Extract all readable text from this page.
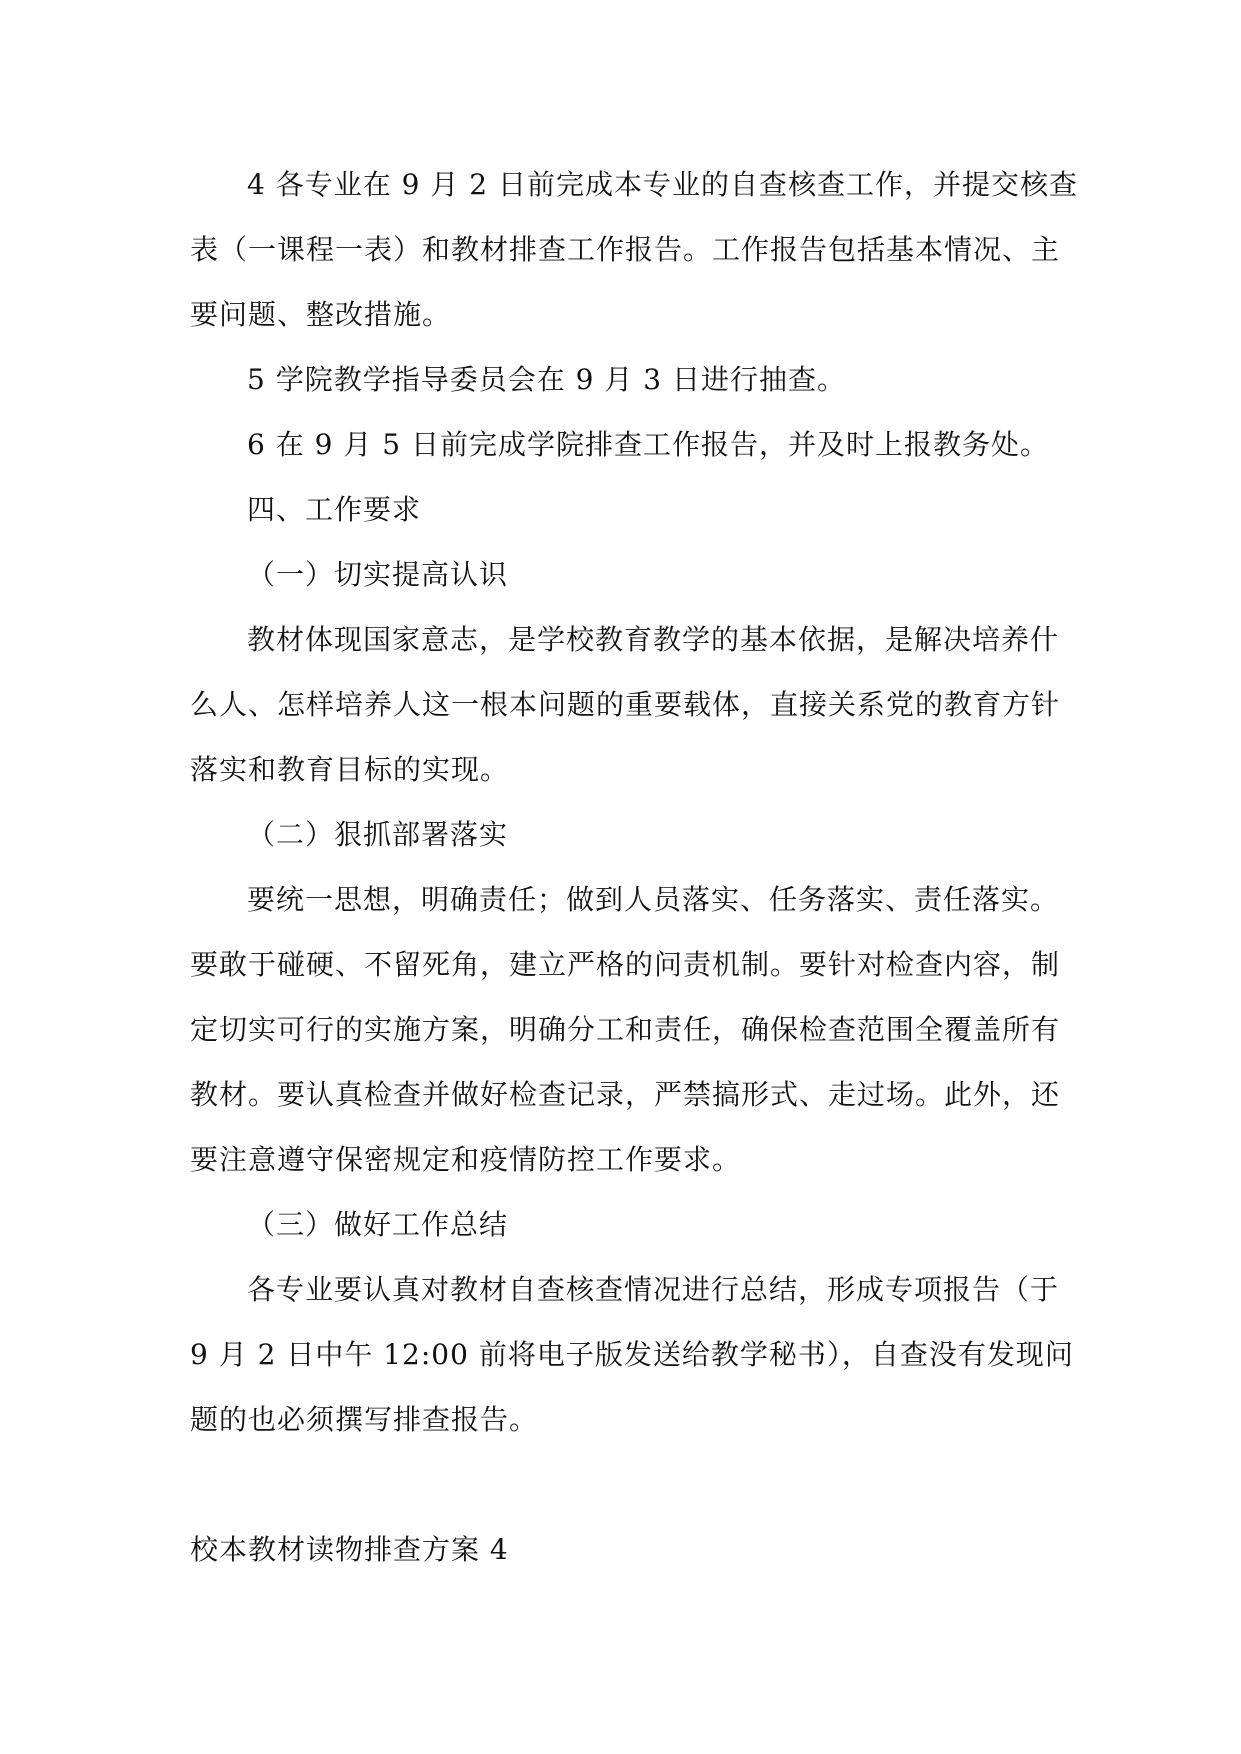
4 各专业在 9 月 2 日前完成本专业的自查核查工作，并提交核查
表（一课程一表）和教材排查工作报告。工作报告包括基本情况、主
要问题、整改措施。
5 学院教学指导委员会在 9 月 3 日进行抽查。
6 在 9 月 5 日前完成学院排查工作报告，并及时上报教务处。
四、工作要求
（一）切实提高认识
教材体现国家意志，是学校教育教学的基本依据，是解决培养什
么人、怎样培养人这一根本问题的重要载体，直接关系党的教育方针
落实和教育目标的实现。
（二）狠抓部署落实
要统一思想，明确责任；做到人员落实、任务落实、责任落实。
要敢于碰硬、不留死角，建立严格的问责机制。要针对检查内容，制
定切实可行的实施方案，明确分工和责任，确保检查范围全覆盖所有
教材。要认真检查并做好检查记录，严禁搞形式、走过场。此外，还
要注意遵守保密规定和疫情防控工作要求。
（三）做好工作总结
各专业要认真对教材自查核查情况进行总结，形成专项报告（于
9 月 2 日中午 12:00 前将电子版发送给教学秘书），自查没有发现问
题的也必须撰写排查报告。
校本教材读物排查方案 4
